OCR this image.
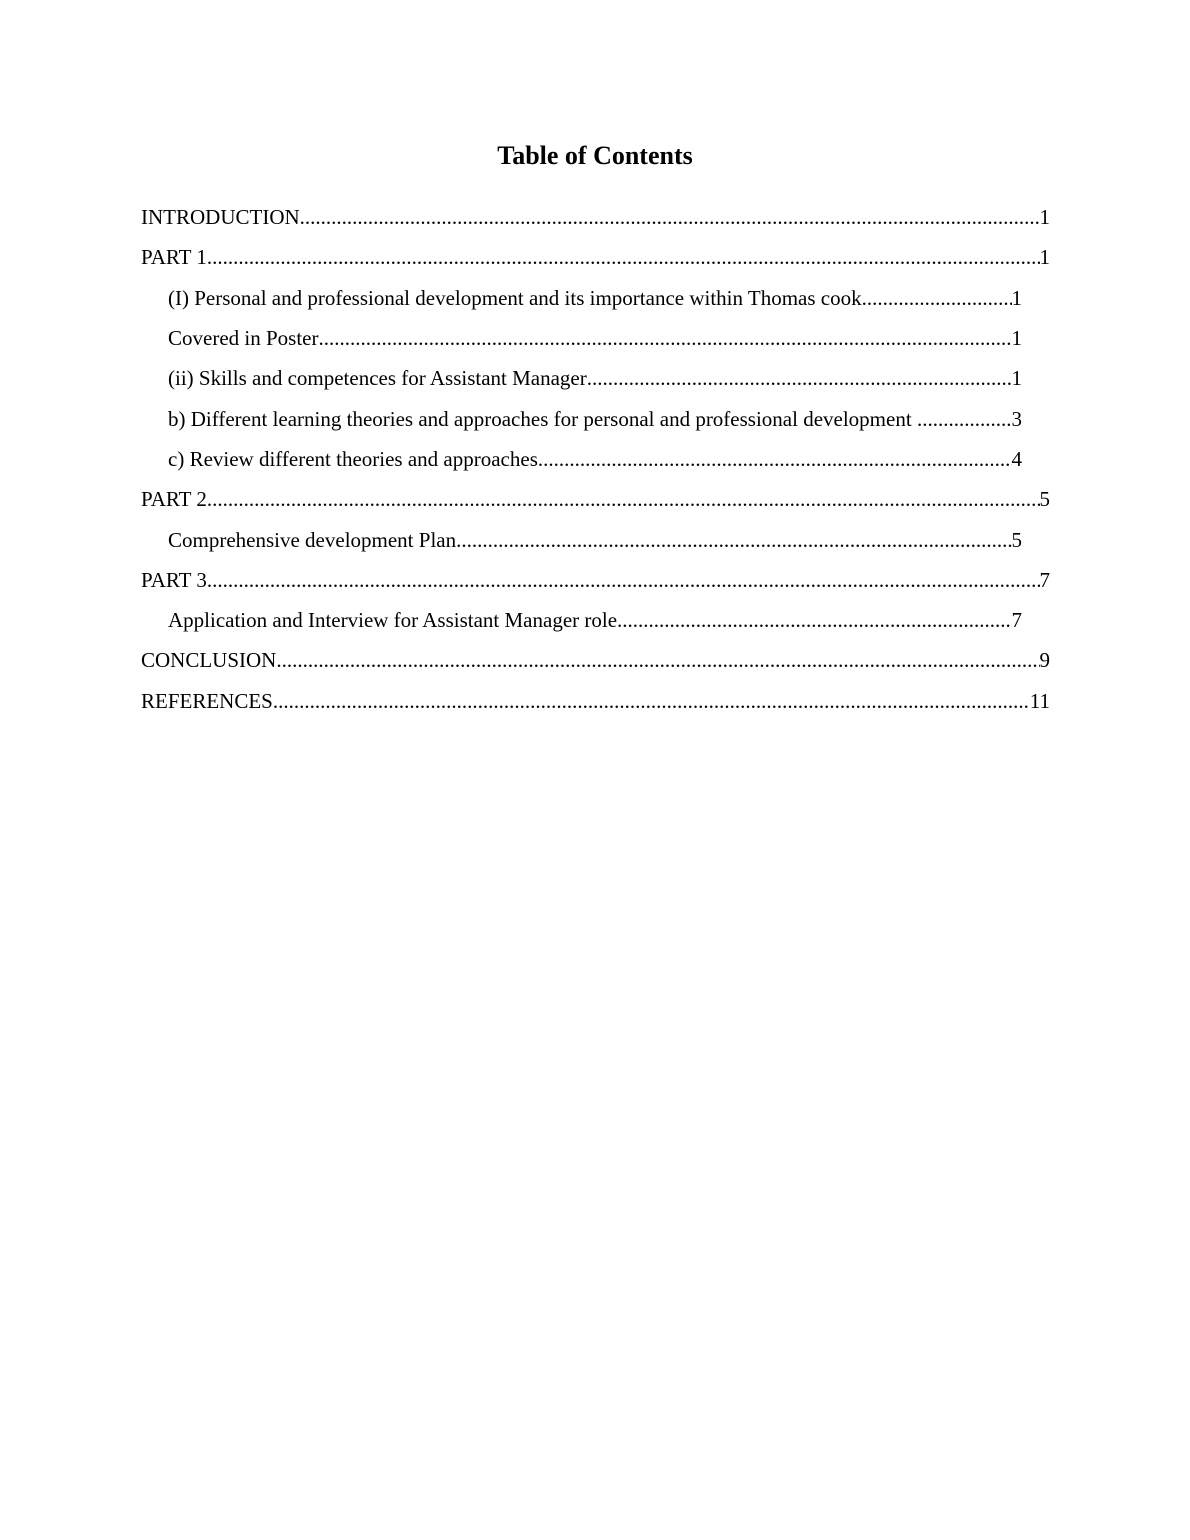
Table of Contents
INTRODUCTION .....	1
PART 1 .....	1
(I) Personal and professional development and its importance within Thomas cook .....	1
Covered in Poster .....	1
(ii) Skills and competences for Assistant Manager .....	1
b) Different learning theories and approaches for personal and professional development .....	3
c) Review different theories and approaches .....	4
PART 2 .....	5
Comprehensive development Plan .....	5
PART 3 .....	7
Application and Interview for Assistant Manager role .....	7
CONCLUSION .....	9
REFERENCES .....	11
